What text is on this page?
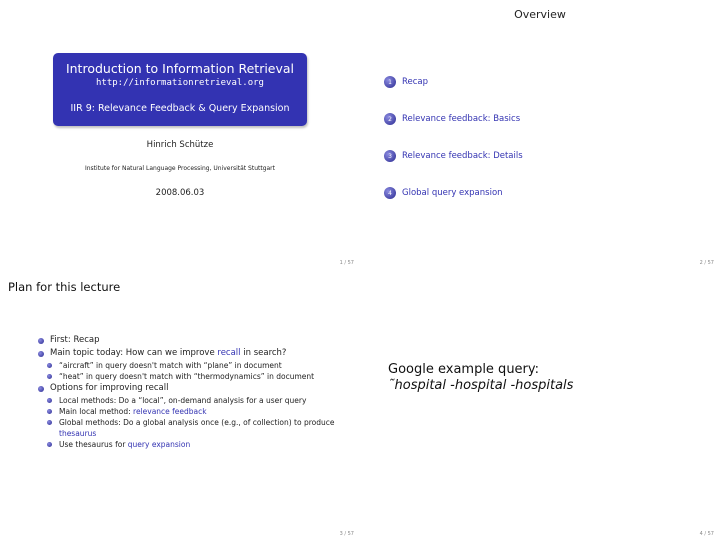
Introduction to Information Retrieval
http://informationretrieval.org
IIR 9: Relevance Feedback & Query Expansion
Hinrich Schütze
Institute for Natural Language Processing, Universität Stuttgart
2008.06.03
1 / 57
Overview
1	Recap
2	Relevance feedback: Basics
3	Relevance feedback: Details
4	Global query expansion
2 / 57
Plan for this lecture
First: Recap
Main topic today: How can we improve recall in search?
“aircraft” in query doesn't match with “plane” in document
“heat” in query doesn't match with “thermodynamics” in document
Options for improving recall
Local methods: Do a “local”, on-demand analysis for a user query
Main local method: relevance feedback
Global methods: Do a global analysis once (e.g., of collection) to produce thesaurus
Use thesaurus for query expansion
3 / 57
Google example query:
˜hospital -hospital -hospitals
4 / 57
